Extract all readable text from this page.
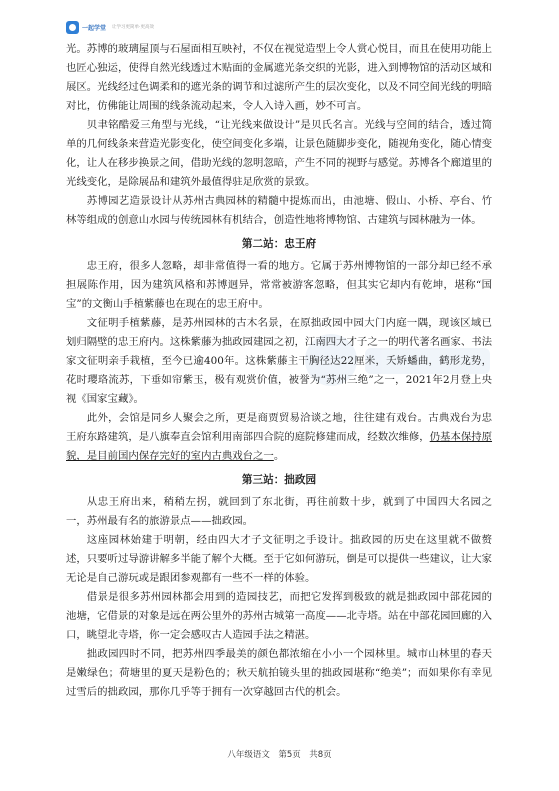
一起学堂 让学习更简单·更高效

光。苏博的玻璃屋顶与石屋面相互映衬，不仅在视觉造型上令人赏心悦目，而且在使用功能上也匠心独运，使得自然光线透过木贴面的金属遮光条交织的光影，进入到博物馆的活动区域和展区。光线经过色调柔和的遮光条的调节和过滤所产生的层次变化，以及不同空间光线的明暗对比，仿佛能让周围的线条流动起来，令人入诗入画，妙不可言。

贝聿铭酷爱三角型与光线，“让光线来做设计”是贝氏名言。光线与空间的结合，透过简单的几何线条来营造光影变化，使空间变化多端，让景色随脚步变化，随视角变化，随心情变化，让人在移步换景之间，借助光线的忽明忽暗，产生不同的视野与感觉。苏博各个廊道里的光线变化，是除展品和建筑外最值得驻足欣赏的景致。

苏博园艺造景设计从苏州古典园林的精髓中提炼而出，由池塘、假山、小桥、亭台、竹林等组成的创意山水园与传统园林有机结合，创造性地将博物馆、古建筑与园林融为一体。

第二站：忠王府

忠王府，很多人忽略，却非常值得一看的地方。它属于苏州博物馆的一部分却已经不承担展陈作用，因为建筑风格和苏博迥异，常常被游客忽略，但其实它却内有乾坤，堪称“国宝”的文衡山手植紫藤也在现在的忠王府中。

文征明手植紫藤，是苏州园林的古木名景，在原拙政园中园大门内庭一隅，现该区域已划归隔壁的忠王府内。这株紫藤为拙政园建园之初，江南四大才子之一的明代著名画家、书法家文征明亲手栽植，至今已逾400年。这株紫藤主干胸径达22厘米，夭矫蟠曲，鹤形龙势，花时璎珞流苏，下垂如帘紫玉，极有观赏价值，被誉为“苏州三绝”之一，2021年2月登上央视《国家宝藏》。

此外，会馆是同乡人聚会之所，更是商贾贸易洽谈之地，往往建有戏台。古典戏台为忠王府东路建筑，是八旗奉直会馆利用南部四合院的庭院修建而成，经数次维修，仍基本保持原貌，是目前国内保存完好的室内古典戏台之一。

第三站：拙政园

从忠王府出来，稍稍左拐，就回到了东北街，再往前数十步，就到了中国四大名园之一，苏州最有名的旅游景点——拙政园。

这座园林始建于明朝，经由四大才子文征明之手设计。拙政园的历史在这里就不做赘述，只要听过导游讲解多半能了解个大概。至于它如何游玩，倒是可以提供一些建议，让大家无论是自己游玩或是跟团参观都有一些不一样的体验。

借景是很多苏州园林都会用到的造园技艺，而把它发挥到极致的就是拙政园中部花园的池塘，它借景的对象是远在两公里外的苏州古城第一高度——北寺塔。站在中部花园回廊的入口，眺望北寺塔，你一定会感叹古人造园手法之精湛。

拙政园四时不同，把苏州四季最美的颜色都浓缩在小小一个园林里。城市山林里的春天是嫩绿色；荷塘里的夏天是粉色的；秋天航拍镜头里的拙政园堪称“绝美”；而如果你有幸见过雪后的拙政园，那你几乎等于拥有一次穿越回古代的机会。

八年级语文　第5页　共8页
